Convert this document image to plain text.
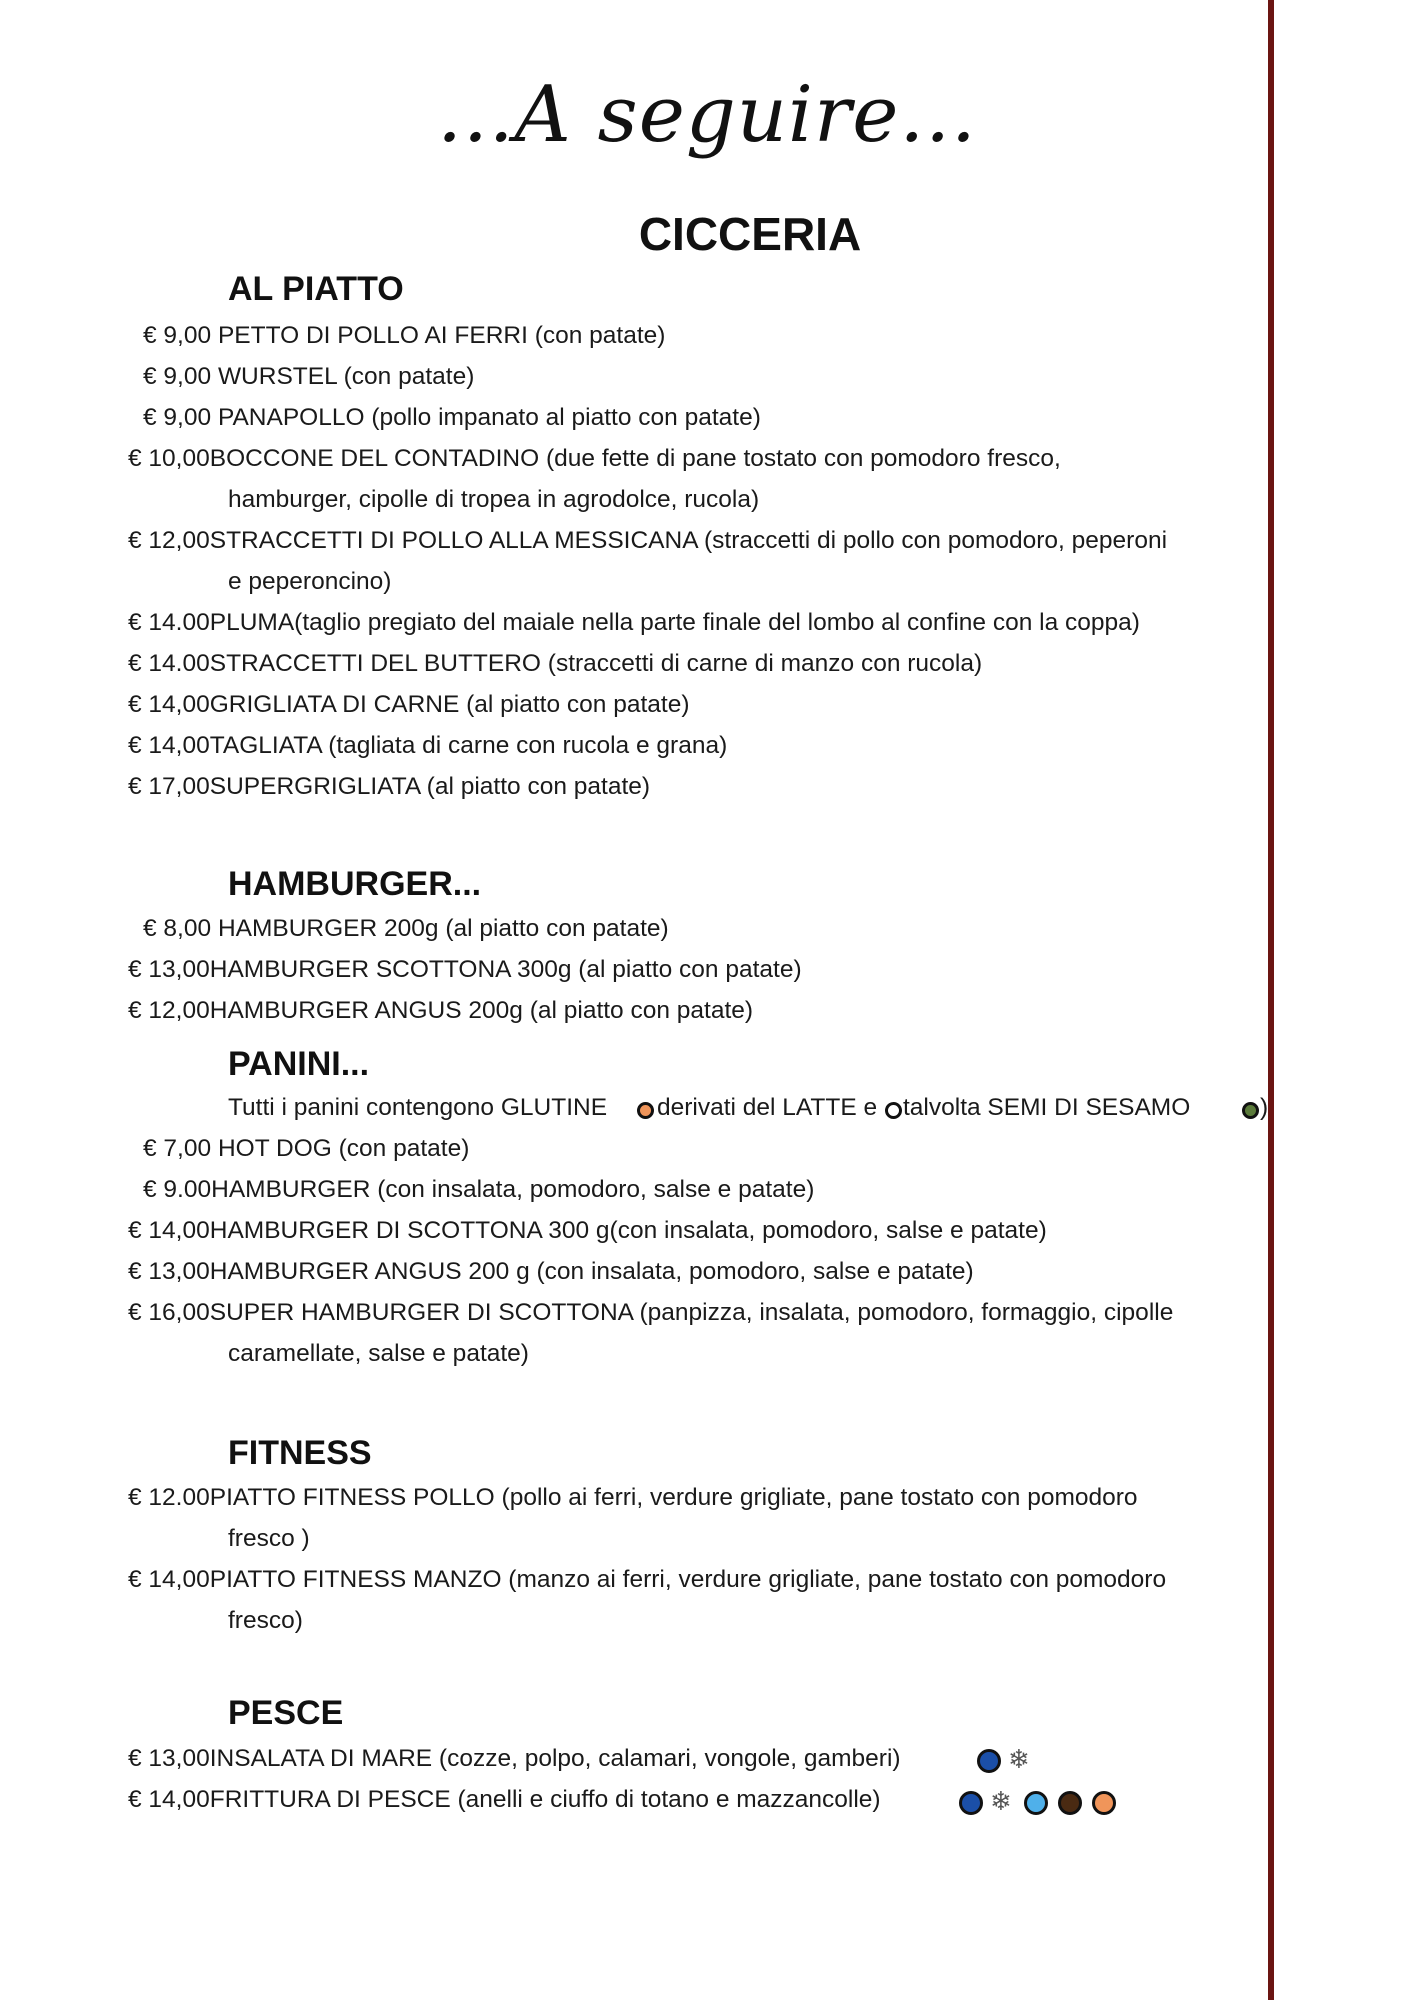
...A seguire...
CICCERIA
AL PIATTO
€ 9,00 PETTO DI POLLO AI FERRI (con patate)
€ 9,00 WURSTEL (con patate)
€ 9,00 PANAPOLLO (pollo impanato al piatto con patate)
€ 10,00BOCCONE DEL CONTADINO (due fette di pane tostato con pomodoro fresco,
hamburger, cipolle di tropea in agrodolce, rucola)
€ 12,00STRACCETTI DI POLLO ALLA MESSICANA (straccetti di pollo con pomodoro, peperoni
e peperoncino)
€ 14.00PLUMA(taglio pregiato del maiale nella parte finale del lombo al confine con la coppa)
€ 14.00STRACCETTI DEL BUTTERO (straccetti di carne di manzo con rucola)
€ 14,00GRIGLIATA DI CARNE (al piatto con patate)
€ 14,00TAGLIATA (tagliata di carne con rucola e grana)
€ 17,00SUPERGRIGLIATA (al piatto con patate)
HAMBURGER...
€ 8,00 HAMBURGER 200g (al piatto con patate)
€ 13,00HAMBURGER SCOTTONA 300g (al piatto con patate)
€ 12,00HAMBURGER ANGUS 200g (al piatto con patate)
PANINI...
Tutti i panini contengono GLUTINE derivati del LATTE e talvolta SEMI DI SESAMO	)
€ 7,00 HOT DOG (con patate)
€ 9.00HAMBURGER (con insalata, pomodoro, salse e patate)
€ 14,00HAMBURGER DI SCOTTONA 300 g(con insalata, pomodoro, salse e patate)
€ 13,00HAMBURGER ANGUS 200 g (con insalata, pomodoro, salse e patate)
€ 16,00SUPER HAMBURGER DI SCOTTONA (panpizza, insalata, pomodoro, formaggio, cipolle
caramellate, salse e patate)
FITNESS
€ 12.00PIATTO FITNESS POLLO (pollo ai ferri, verdure grigliate, pane tostato con pomodoro
fresco )
€ 14,00PIATTO FITNESS MANZO (manzo ai ferri, verdure grigliate, pane tostato con pomodoro
fresco)
PESCE
€ 13,00INSALATA DI MARE (cozze, polpo, calamari, vongole, gamberi)	❄
€ 14,00FRITTURA DI PESCE (anelli e ciuffo di totano e mazzancolle)	❄
